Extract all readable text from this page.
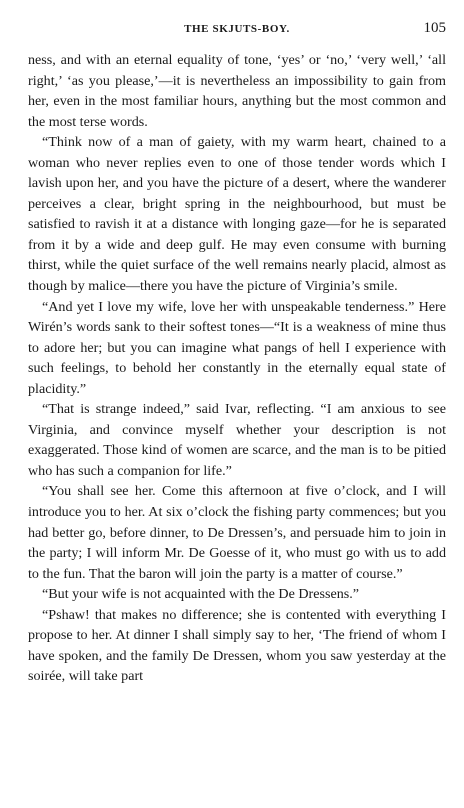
THE SKJUTS-BOY.	105

ness, and with an eternal equality of tone, ‘yes’ or ‘no,’ ‘very well,’ ‘all right,’ ‘as you please,’—it is nevertheless an impossibility to gain from her, even in the most familiar hours, anything but the most common and the most terse words.

“Think now of a man of gaiety, with my warm heart, chained to a woman who never replies even to one of those tender words which I lavish upon her, and you have the picture of a desert, where the wanderer perceives a clear, bright spring in the neighbourhood, but must be satisfied to ravish it at a distance with longing gaze—for he is separated from it by a wide and deep gulf. He may even consume with burning thirst, while the quiet surface of the well remains nearly placid, almost as though by malice—there you have the picture of Virginia’s smile.

“And yet I love my wife, love her with unspeakable tenderness.” Here Wirén’s words sank to their softest tones—“It is a weakness of mine thus to adore her; but you can imagine what pangs of hell I experience with such feelings, to behold her constantly in the eternally equal state of placidity.”

“That is strange indeed,” said Ivar, reflecting. “I am anxious to see Virginia, and convince myself whether your description is not exaggerated. Those kind of women are scarce, and the man is to be pitied who has such a companion for life.”

“You shall see her. Come this afternoon at five o’clock, and I will introduce you to her. At six o’clock the fishing party commences; but you had better go, before dinner, to De Dressen’s, and persuade him to join in the party; I will inform Mr. De Goesse of it, who must go with us to add to the fun. That the baron will join the party is a matter of course.”

“But your wife is not acquainted with the De Dressens.”

“Pshaw! that makes no difference; she is contented with everything I propose to her. At dinner I shall simply say to her, ‘The friend of whom I have spoken, and the family De Dressen, whom you saw yesterday at the soirée, will take part
